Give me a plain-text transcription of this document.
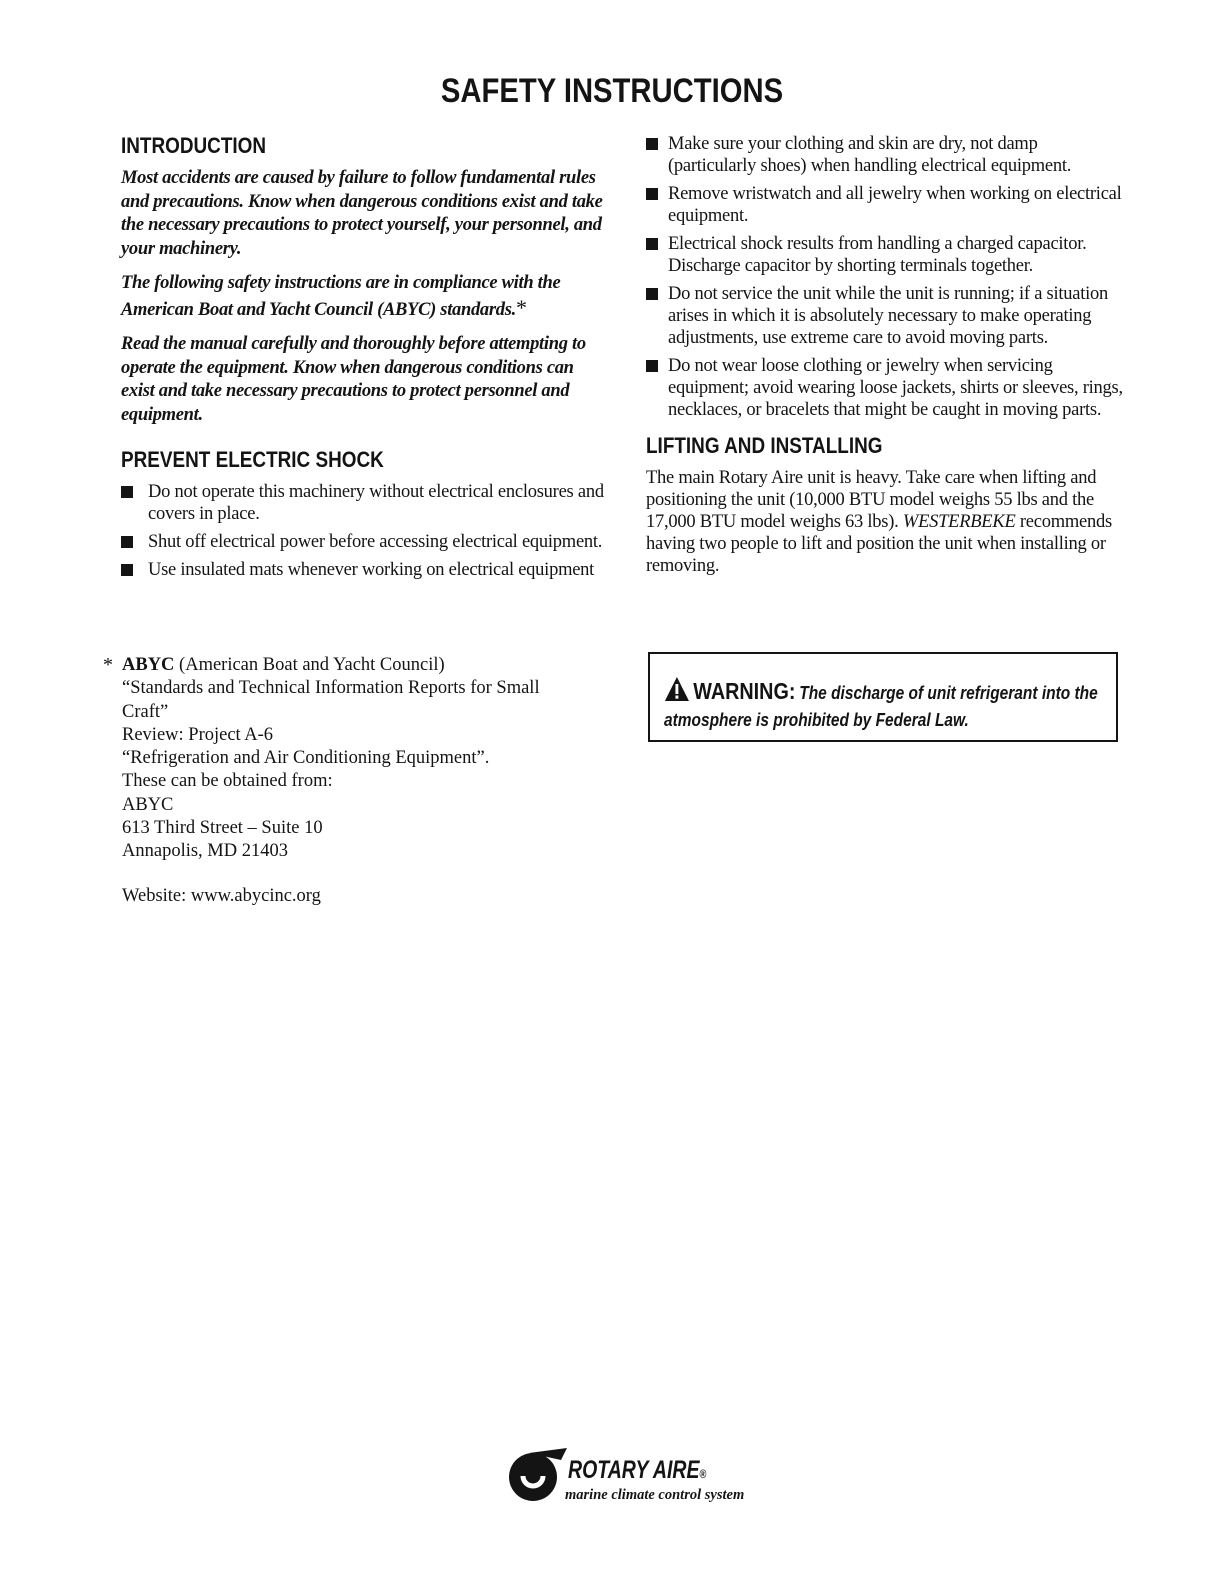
SAFETY INSTRUCTIONS
INTRODUCTION

Most accidents are caused by failure to follow fundamental rules and precautions. Know when dangerous conditions exist and take the necessary precautions to protect yourself, your personnel, and your machinery.

The following safety instructions are in compliance with the American Boat and Yacht Council (ABYC) standards.*

Read the manual carefully and thoroughly before attempting to operate the equipment. Know when dangerous conditions can exist and take necessary precautions to protect personnel and equipment.

PREVENT ELECTRIC SHOCK
Do not operate this machinery without electrical enclosures and covers in place.
Shut off electrical power before accessing electrical equipment.
Use insulated mats whenever working on electrical equipment
* ABYC (American Boat and Yacht Council)
“Standards and Technical Information Reports for Small Craft”
Review: Project A-6
“Refrigeration and Air Conditioning Equipment”.
These can be obtained from:
ABYC
613 Third Street – Suite 10
Annapolis, MD 21403
Website: www.abycinc.org
Make sure your clothing and skin are dry, not damp (particularly shoes) when handling electrical equipment.
Remove wristwatch and all jewelry when working on electrical equipment.
Electrical shock results from handling a charged capacitor. Discharge capacitor by shorting terminals together.
Do not service the unit while the unit is running; if a situation arises in which it is absolutely necessary to make operating adjustments, use extreme care to avoid moving parts.
Do not wear loose clothing or jewelry when servicing equipment; avoid wearing loose jackets, shirts or sleeves, rings, necklaces, or bracelets that might be caught in moving parts.
LIFTING AND INSTALLING

The main Rotary Aire unit is heavy. Take care when lifting and positioning the unit (10,000 BTU model weighs 55 lbs and the 17,000 BTU model weighs 63 lbs). WESTERBEKE recommends having two people to lift and position the unit when installing or removing.

WARNING: The discharge of unit refrigerant into the atmosphere is prohibited by Federal Law.
ROTARY AIRE®
marine climate control system
